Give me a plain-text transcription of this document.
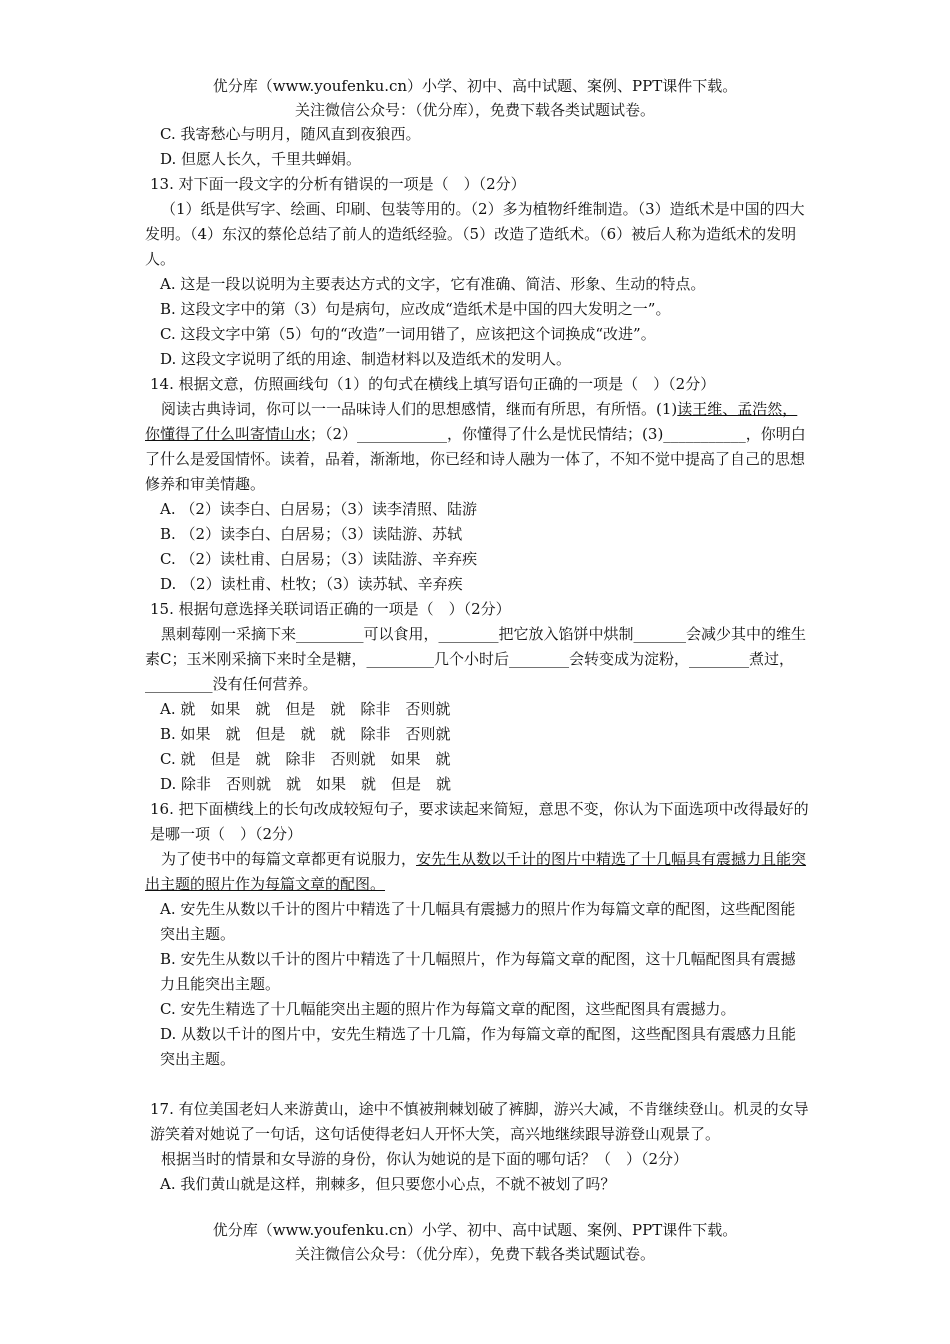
优分库（www.youfenku.cn）小学、初中、高中试题、案例、PPT课件下载。
关注微信公众号：（优分库），免费下载各类试题试卷。

C. 我寄愁心与明月，随风直到夜狼西。

D. 但愿人长久，千里共蝉娟。

13. 对下面一段文字的分析有错误的一项是（　）（2分）

（1）纸是供写字、绘画、印刷、包装等用的。（2）多为植物纤维制造。（3）造纸术是中国的四大发明。（4）东汉的蔡伦总结了前人的造纸经验。（5）改造了造纸术。（6）被后人称为造纸术的发明人。

A. 这是一段以说明为主要表达方式的文字，它有准确、简洁、形象、生动的特点。

B. 这段文字中的第（3）句是病句，应改成“造纸术是中国的四大发明之一”。

C. 这段文字中第（5）句的“改造”一词用错了，应该把这个词换成“改进”。

D. 这段文字说明了纸的用途、制造材料以及造纸术的发明人。

14. 根据文意，仿照画线句（1）的句式在横线上填写语句正确的一项是（　）（2分）

阅读古典诗词，你可以一一品味诗人们的思想感情，继而有所思，有所悟。(1)读王维、孟浩然，你懂得了什么叫寄情山水；（2）____________，你懂得了什么是忧民情结；(3)___________，你明白了什么是爱国情怀。读着，品着，渐渐地，你已经和诗人融为一体了，不知不觉中提高了自己的思想修养和审美情趣。

A. （2）读李白、白居易；（3）读李清照、陆游

B. （2）读李白、白居易；（3）读陆游、苏轼

C. （2）读杜甫、白居易；（3）读陆游、辛弃疾

D. （2）读杜甫、杜牧；（3）读苏轼、辛弃疾

15. 根据句意选择关联词语正确的一项是（　）（2分）

黑刺莓刚一采摘下来_________可以食用，________把它放入馅饼中烘制_______会减少其中的维生素C；玉米刚采摘下来时全是糖，_________几个小时后________会转变成为淀粉，________煮过，_________没有任何营养。

A. 就　如果　就　但是　就　除非　否则就

B. 如果　就　但是　就　就　除非　否则就

C. 就　但是　就　除非　否则就　如果　就

D. 除非　否则就　就　如果　就　但是　就

16. 把下面横线上的长句改成较短句子，要求读起来简短，意思不变，你认为下面选项中改得最好的是哪一项（　）（2分）

为了使书中的每篇文章都更有说服力，安先生从数以千计的图片中精选了十几幅具有震撼力且能突出主题的照片作为每篇文章的配图。

A. 安先生从数以千计的图片中精选了十几幅具有震撼力的照片作为每篇文章的配图，这些配图能突出主题。

B. 安先生从数以千计的图片中精选了十几幅照片，作为每篇文章的配图，这十几幅配图具有震撼力且能突出主题。

C. 安先生精选了十几幅能突出主题的照片作为每篇文章的配图，这些配图具有震撼力。

D. 从数以千计的图片中，安先生精选了十几篇，作为每篇文章的配图，这些配图具有震感力且能突出主题。

17. 有位美国老妇人来游黄山，途中不慎被荆棘划破了裤脚，游兴大减，不肯继续登山。机灵的女导游笑着对她说了一句话，这句话使得老妇人开怀大笑，高兴地继续跟导游登山观景了。

根据当时的情景和女导游的身份，你认为她说的是下面的哪句话？（　）（2分）

A. 我们黄山就是这样，荆棘多，但只要您小心点，不就不被划了吗？

优分库（www.youfenku.cn）小学、初中、高中试题、案例、PPT课件下载。
关注微信公众号：（优分库），免费下载各类试题试卷。
